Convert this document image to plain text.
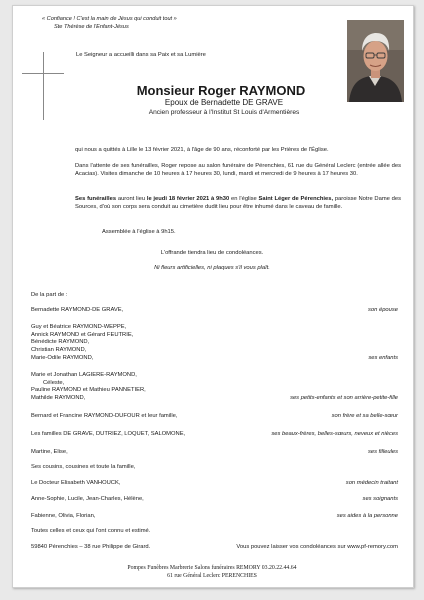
« Confiance ! C'est la main de Jésus qui conduit tout »
Ste Thérèse de l'Enfant-Jésus
Le Seigneur a accueilli dans sa Paix et sa Lumière
Monsieur Roger RAYMOND
Epoux de Bernadette DE GRAVE
Ancien professeur à l'Institut St Louis d'Armentières
qui nous a quittés à Lille le 13 février 2021, à l'âge de 90 ans, réconforté par les Prières de l'Église.
Dans l'attente de ses funérailles, Roger repose au salon funéraire de Pérenchies, 61 rue du Général Leclerc (entrée allée des Acacias). Visites dimanche de 10 heures à 17 heures 30, lundi, mardi et mercredi de 9 heures à 17 heures 30.
Ses funérailles auront lieu le jeudi 18 février 2021 à 9h30 en l'église Saint Léger de Pérenchies, paroisse Notre Dame des Sources, d'où son corps sera conduit au cimetière dudit lieu pour être inhumé dans le caveau de famille.
Assemblée à l'église à 9h15.
L'offrande tiendra lieu de condoléances.
Ni fleurs artificielles, ni plaques s'il vous plaît.
De la part de :
Bernadette RAYMOND-DE GRAVE,	son épouse
Guy et Béatrice RAYMOND-WEPPE,
Annick RAYMOND et Gérard FEUTRIE,
Bénédicte RAYMOND,
Christian RAYMOND,
Marie-Odile RAYMOND,	ses enfants
Marie et Jonathan LAGIERE-RAYMOND,
Céleste,
Pauline RAYMOND et Mathieu PANNETIER,
Mathilde RAYMOND,	ses petits-enfants et son arrière-petite-fille
Bernard et Francine RAYMOND-DUFOUR et leur famille,	son frère et sa belle-sœur
Les familles DE GRAVE, DUTRIEZ, LOQUET, SALOMONE,	ses beaux-frères, belles-sœurs, neveux et nièces
Martine, Elise,	ses filleules
Ses cousins, cousines et toute la famille,
Le Docteur Elisabeth VANHOUCK,	son médecin traitant
Anne-Sophie, Lucile, Jean-Charles, Hélène,	ses soignants
Fabienne, Olivia, Florian,	ses aides à la personne
Toutes celles et ceux qui l'ont connu et estimé.
59840 Pérenchies – 38 rue Philippe de Girard.	Vous pouvez laisser vos condoléances sur www.pf-remory.com
Pompes Funèbres Marbrerie Salons funéraires REMORY 03.20.22.44.64
61 rue Général Leclerc PERENCHIES
